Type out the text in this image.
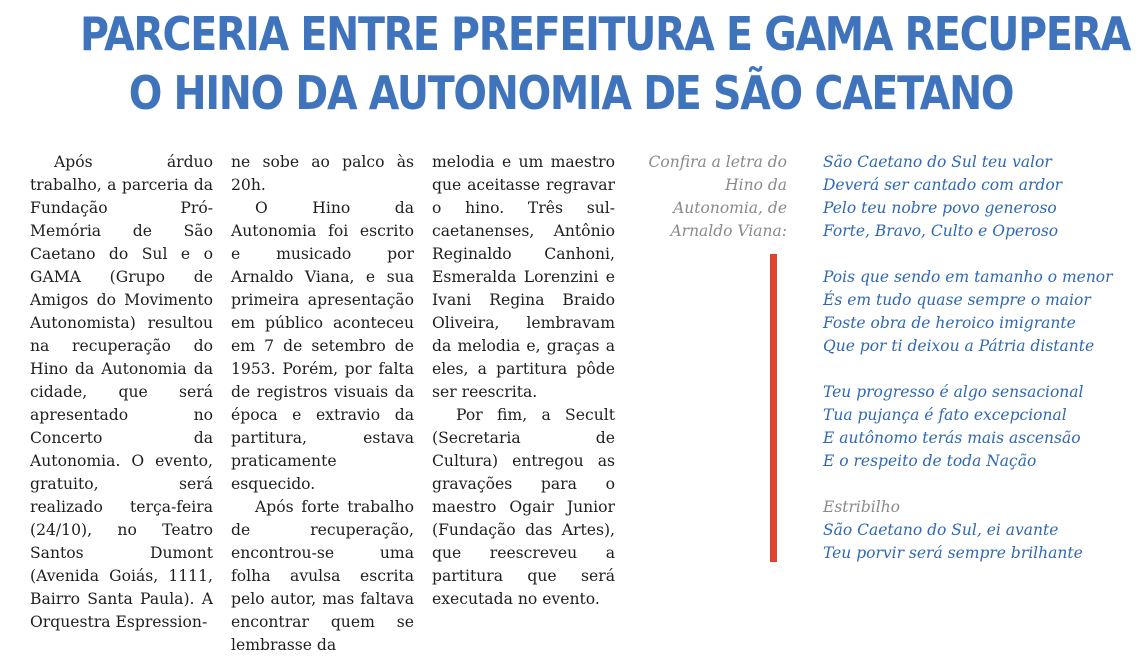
PARCERIA ENTRE PREFEITURA E GAMA RECUPERA
O HINO DA AUTONOMIA DE SÃO CAETANO

Após árduo trabalho, a parceria da Fundação Pró-Memória de São Caetano do Sul e o GAMA (Grupo de Amigos do Movimento Autonomista) resultou na recuperação do Hino da Autonomia da cidade, que será apresentado no Concerto da Autonomia. O evento, gratuito, será realizado terça-feira (24/10), no Teatro Santos Dumont (Avenida Goiás, 1111, Bairro Santa Paula). A Orquestra Espression-

ne sobe ao palco às 20h.

O Hino da Autonomia foi escrito e musicado por Arnaldo Viana, e sua primeira apresentação em público aconteceu em 7 de setembro de 1953. Porém, por falta de registros visuais da época e extravio da partitura, estava praticamente esquecido.

Após forte trabalho de recuperação, encontrou-se uma folha avulsa escrita pelo autor, mas faltava encontrar quem se lembrasse da

melodia e um maestro que aceitasse regravar o hino. Três sul-caetanenses, Antônio Reginaldo Canhoni, Esmeralda Lorenzini e Ivani Regina Braido Oliveira, lembravam da melodia e, graças a eles, a partitura pôde ser reescrita.

Por fim, a Secult (Secretaria de Cultura) entregou as gravações para o maestro Ogair Junior (Fundação das Artes), que reescreveu a partitura que será executada no evento.

Confira a letra do Hino da Autonomia, de Arnaldo Viana:
São Caetano do Sul teu valor
Deverá ser cantado com ardor
Pelo teu nobre povo generoso
Forte, Bravo, Culto e Operoso
Pois que sendo em tamanho o menor
És em tudo quase sempre o maior
Foste obra de heroico imigrante
Que por ti deixou a Pátria distante
Teu progresso é algo sensacional
Tua pujança é fato excepcional
E autônomo terás mais ascensão
E o respeito de toda Nação
Estribilho
São Caetano do Sul, ei avante
Teu porvir será sempre brilhante
